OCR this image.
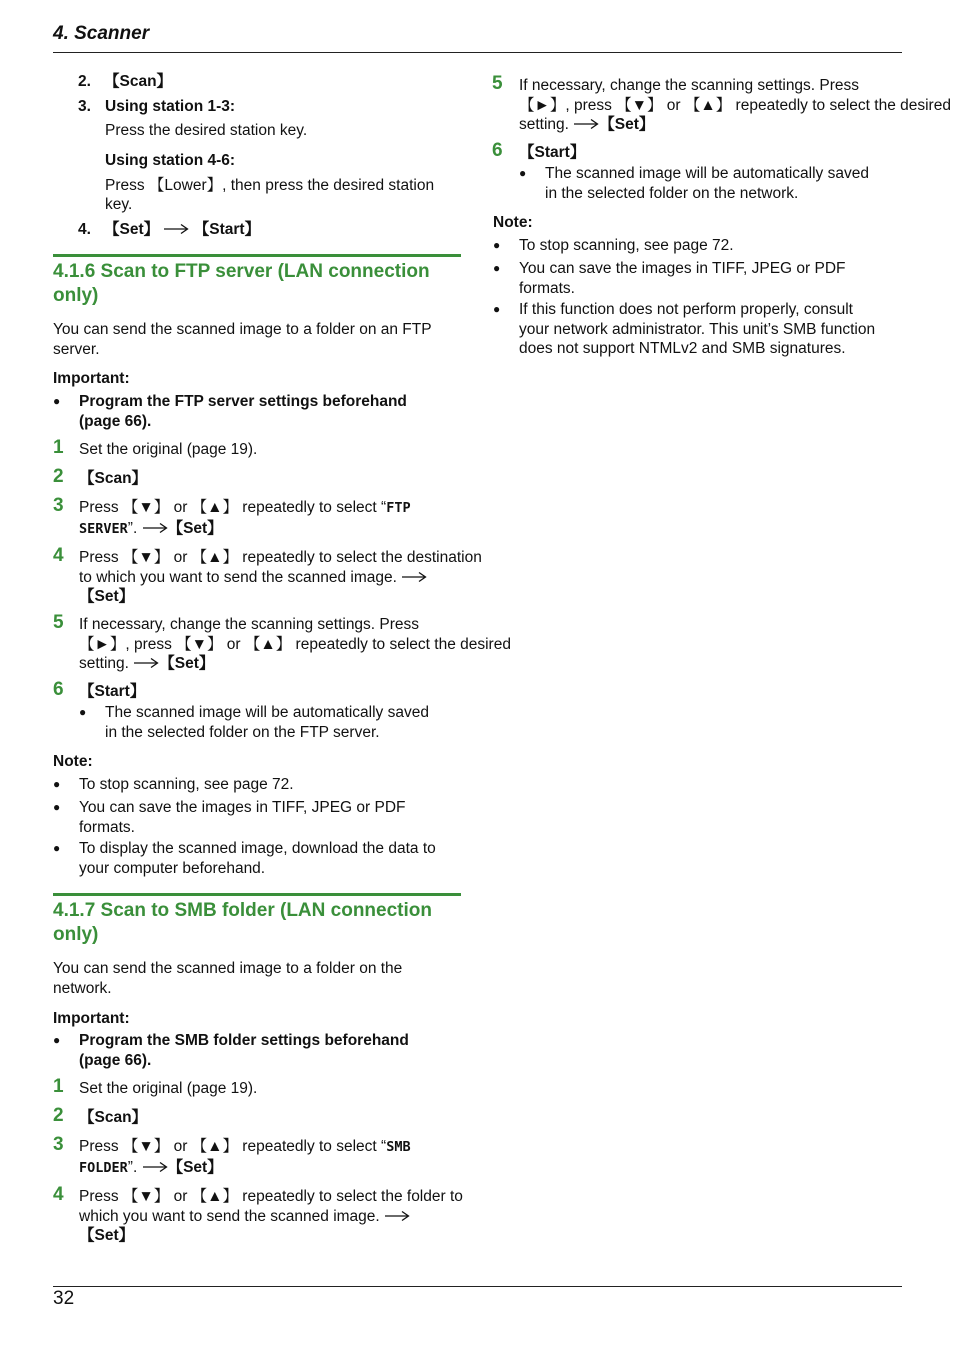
4. Scanner
2. 【Scan】
3. Using station 1-3:
Press the desired station key.
Using station 4-6:
Press 【Lower】, then press the desired station
key.
4. 【Set】 【Start】
4.1.6 Scan to FTP server (LAN connection
only)
You can send the scanned image to a folder on an FTP
server.
Important:
● Program the FTP server settings beforehand
(page 66).
1 Set the original (page 19).
2 【Scan】
3 Press 【▼】 or 【▲】 repeatedly to select “FTP
SERVER”. 【Set】
4 Press 【▼】 or 【▲】 repeatedly to select the destination
to which you want to send the scanned image.
【Set】
5 If necessary, change the scanning settings. Press
【►】, press 【▼】 or 【▲】 repeatedly to select the desired
setting. 【Set】
6 【Start】
● The scanned image will be automatically saved
in the selected folder on the FTP server.
Note:
● To stop scanning, see page 72.
● You can save the images in TIFF, JPEG or PDF
formats.
● To display the scanned image, download the data to
your computer beforehand.
4.1.7 Scan to SMB folder (LAN connection
only)
You can send the scanned image to a folder on the
network.
Important:
● Program the SMB folder settings beforehand
(page 66).
1 Set the original (page 19).
2 【Scan】
3 Press 【▼】 or 【▲】 repeatedly to select “SMB
FOLDER”. 【Set】
4 Press 【▼】 or 【▲】 repeatedly to select the folder to
which you want to send the scanned image.
【Set】
5 If necessary, change the scanning settings. Press
【►】, press 【▼】 or 【▲】 repeatedly to select the desired
setting. 【Set】
6 【Start】
● The scanned image will be automatically saved
in the selected folder on the network.
Note:
● To stop scanning, see page 72.
● You can save the images in TIFF, JPEG or PDF
formats.
● If this function does not perform properly, consult
your network administrator. This unit’s SMB function
does not support NTMLv2 and SMB signatures.
32
